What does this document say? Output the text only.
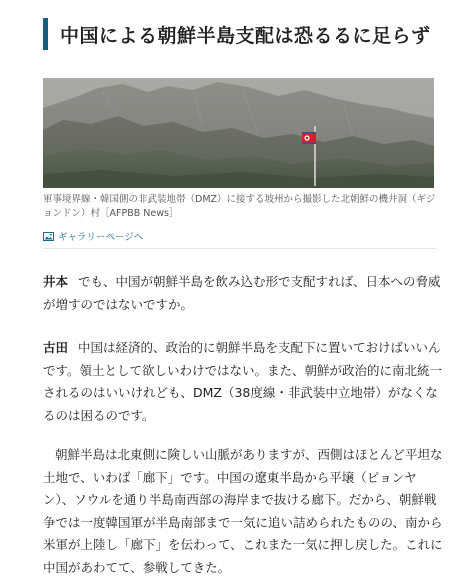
中国による朝鮮半島支配は恐るるに足らず
軍事境界線・韓国側の非武装地帯（DMZ）に接する坡州から撮影した北朝鮮の機井洞（ギジョンドン）村［AFPBB News］
ギャラリーページへ

井本 でも、中国が朝鮮半島を飲み込む形で支配すれば、日本への脅威が増すのではないですか。

古田 中国は経済的、政治的に朝鮮半島を支配下に置いておけばいいんです。領土として欲しいわけではない。また、朝鮮が政治的に南北統一されるのはいいけれども、DMZ（38度線・非武装中立地帯）がなくなるのは困るのです。

朝鮮半島は北東側に険しい山脈がありますが、西側はほとんど平坦な土地で、いわば「廊下」です。中国の遼東半島から平壌（ピョンヤン）、ソウルを通り半島南西部の海岸まで抜ける廊下。だから、朝鮮戦争では一度韓国軍が半島南部まで一気に追い詰められたものの、南から米軍が上陸し「廊下」を伝わって、これまた一気に押し戻した。これに中国があわてて、参戦してきた。
